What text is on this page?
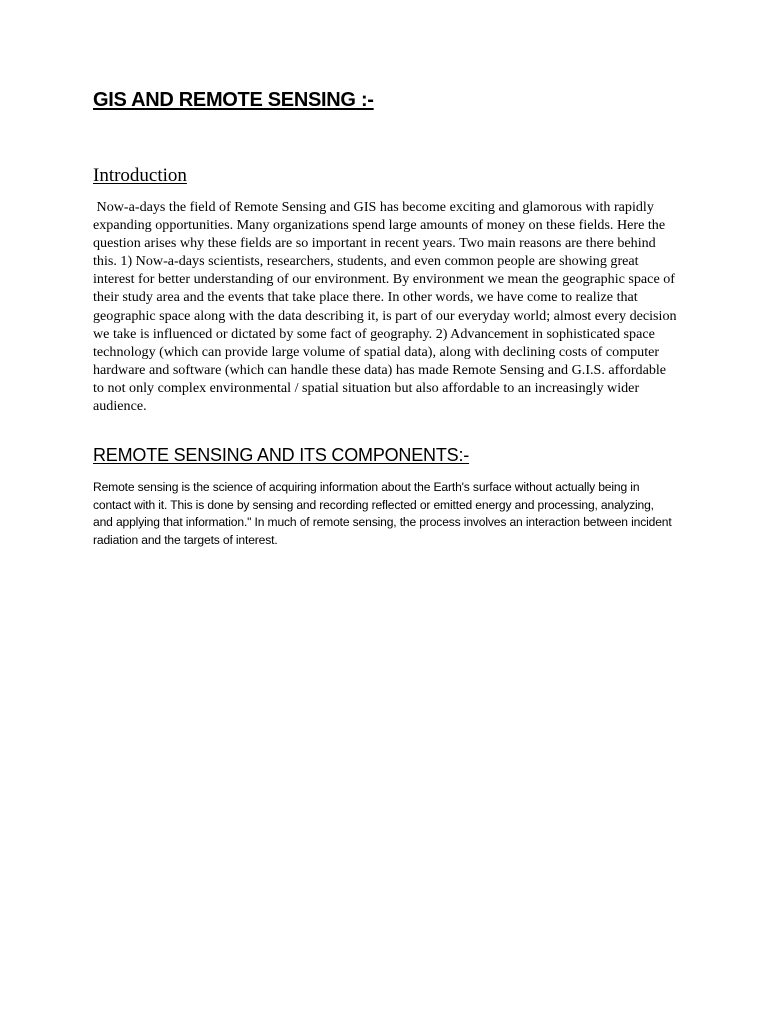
GIS AND REMOTE SENSING :-
Introduction

Now-a-days the field of Remote Sensing and GIS has become exciting and glamorous with rapidly expanding opportunities. Many organizations spend large amounts of money on these fields. Here the question arises why these fields are so important in recent years. Two main reasons are there behind this. 1) Now-a-days scientists, researchers, students, and even common people are showing great interest for better understanding of our environment. By environment we mean the geographic space of their study area and the events that take place there. In other words, we have come to realize that geographic space along with the data describing it, is part of our everyday world; almost every decision we take is influenced or dictated by some fact of geography. 2) Advancement in sophisticated space technology (which can provide large volume of spatial data), along with declining costs of computer hardware and software (which can handle these data) has made Remote Sensing and G.I.S. affordable to not only complex environmental / spatial situation but also affordable to an increasingly wider audience.

REMOTE SENSING AND ITS COMPONENTS:-

Remote sensing is the science of acquiring information about the Earth's surface without actually being in contact with it. This is done by sensing and recording reflected or emitted energy and processing, analyzing, and applying that information." In much of remote sensing, the process involves an interaction between incident radiation and the targets of interest.
